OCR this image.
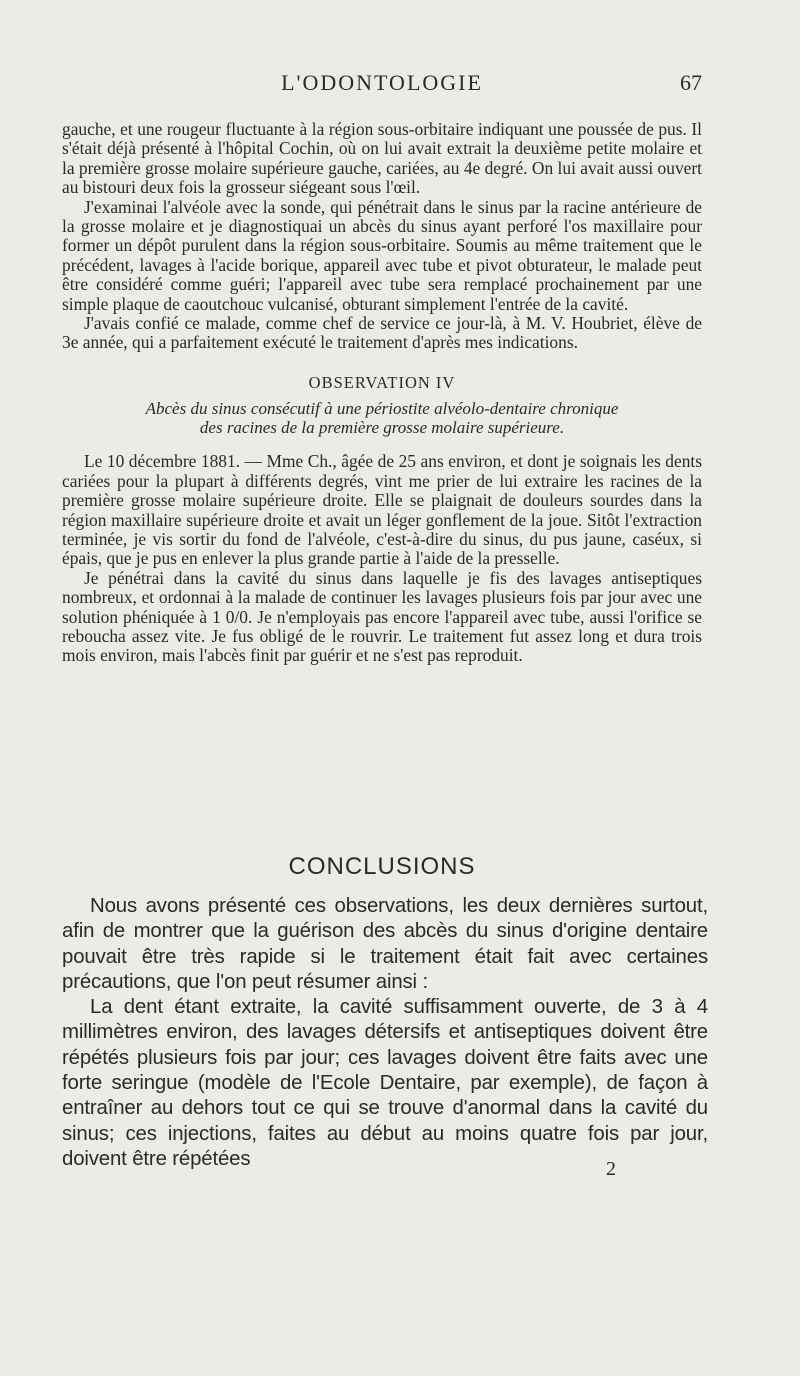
L'ODONTOLOGIE	67

gauche, et une rougeur fluctuante à la région sous-orbitaire indiquant une poussée de pus. Il s'était déjà présenté à l'hôpital Cochin, où on lui avait extrait la deuxième petite molaire et la première grosse molaire supérieure gauche, cariées, au 4e degré. On lui avait aussi ouvert au bistouri deux fois la grosseur siégeant sous l'œil.

J'examinai l'alvéole avec la sonde, qui pénétrait dans le sinus par la racine antérieure de la grosse molaire et je diagnostiquai un abcès du sinus ayant perforé l'os maxillaire pour former un dépôt purulent dans la région sous-orbitaire. Soumis au même traitement que le précédent, lavages à l'acide borique, appareil avec tube et pivot obturateur, le malade peut être considéré comme guéri; l'appareil avec tube sera remplacé prochainement par une simple plaque de caoutchouc vulcanisé, obturant simplement l'entrée de la cavité.

J'avais confié ce malade, comme chef de service ce jour-là, à M. V. Houbriet, élève de 3e année, qui a parfaitement exécuté le traitement d'après mes indications.

OBSERVATION IV
Abcès du sinus consécutif à une périostite alvéolo-dentaire chronique
des racines de la première grosse molaire supérieure.

Le 10 décembre 1881. — Mme Ch., âgée de 25 ans environ, et dont je soignais les dents cariées pour la plupart à différents degrés, vint me prier de lui extraire les racines de la première grosse molaire supérieure droite. Elle se plaignait de douleurs sourdes dans la région maxillaire supérieure droite et avait un léger gonflement de la joue. Sitôt l'extraction terminée, je vis sortir du fond de l'alvéole, c'est-à-dire du sinus, du pus jaune, caséux, si épais, que je pus en enlever la plus grande partie à l'aide de la presselle.

Je pénétrai dans la cavité du sinus dans laquelle je fis des lavages antiseptiques nombreux, et ordonnai à la malade de continuer les lavages plusieurs fois par jour avec une solution phéniquée à 1 0/0. Je n'employais pas encore l'appareil avec tube, aussi l'orifice se reboucha assez vite. Je fus obligé de le rouvrir. Le traitement fut assez long et dura trois mois environ, mais l'abcès finit par guérir et ne s'est pas reproduit.

CONCLUSIONS

Nous avons présenté ces observations, les deux dernières surtout, afin de montrer que la guérison des abcès du sinus d'origine dentaire pouvait être très rapide si le traitement était fait avec certaines précautions, que l'on peut résumer ainsi :

La dent étant extraite, la cavité suffisamment ouverte, de 3 à 4 millimètres environ, des lavages détersifs et antiseptiques doivent être répétés plusieurs fois par jour; ces lavages doivent être faits avec une forte seringue (modèle de l'Ecole Dentaire, par exemple), de façon à entraîner au dehors tout ce qui se trouve d'anormal dans la cavité du sinus; ces injections, faites au début au moins quatre fois par jour, doivent être répétées	2
